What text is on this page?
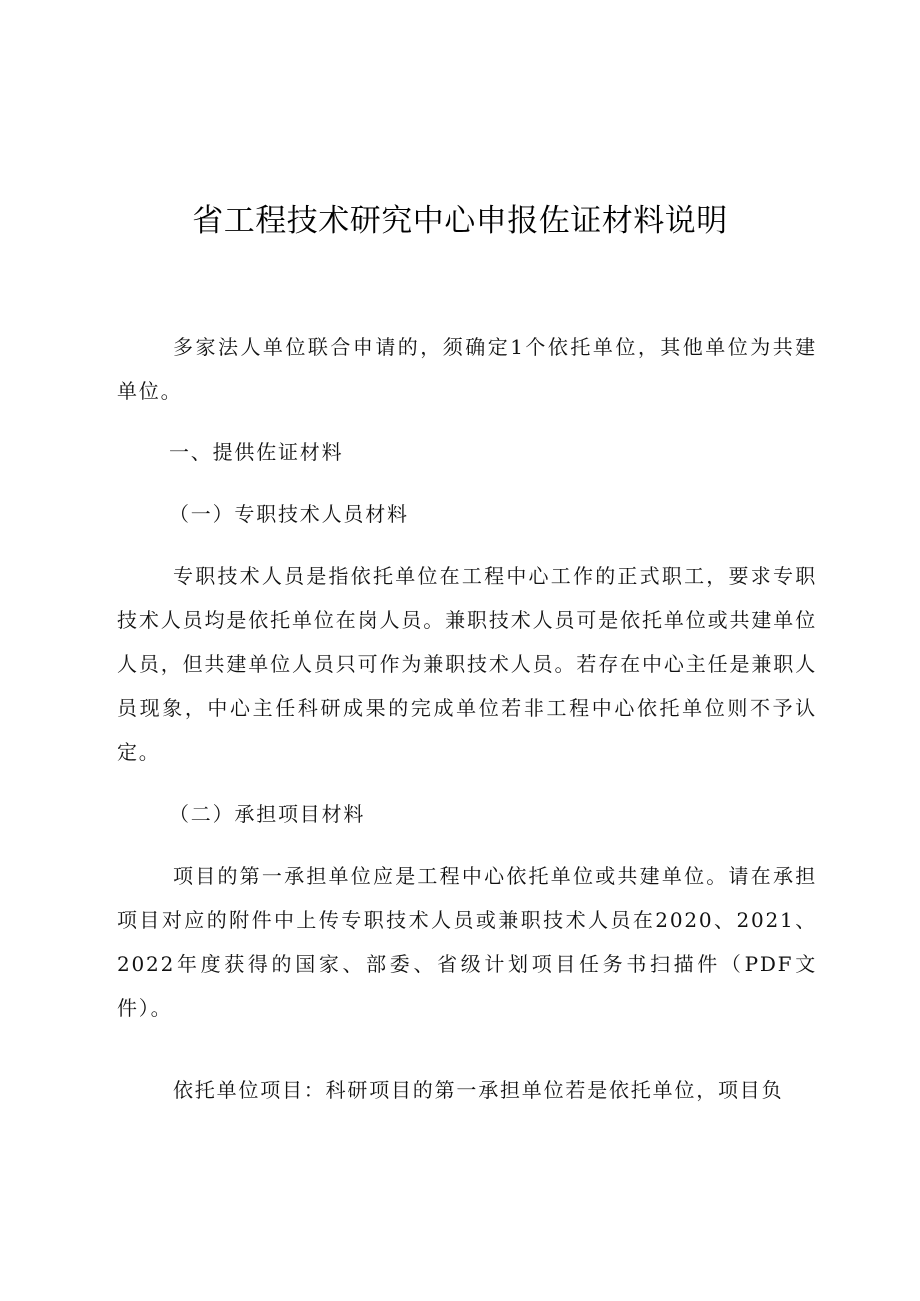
省工程技术研究中心申报佐证材料说明

多家法人单位联合申请的，须确定1个依托单位，其他单位为共建单位。

一、提供佐证材料

（一）专职技术人员材料

专职技术人员是指依托单位在工程中心工作的正式职工，要求专职技术人员均是依托单位在岗人员。兼职技术人员可是依托单位或共建单位人员，但共建单位人员只可作为兼职技术人员。若存在中心主任是兼职人员现象，中心主任科研成果的完成单位若非工程中心依托单位则不予认定。

（二）承担项目材料

项目的第一承担单位应是工程中心依托单位或共建单位。请在承担项目对应的附件中上传专职技术人员或兼职技术人员在2020、2021、2022年度获得的国家、部委、省级计划项目任务书扫描件（PDF文件）。

依托单位项目：科研项目的第一承担单位若是依托单位，项目负
